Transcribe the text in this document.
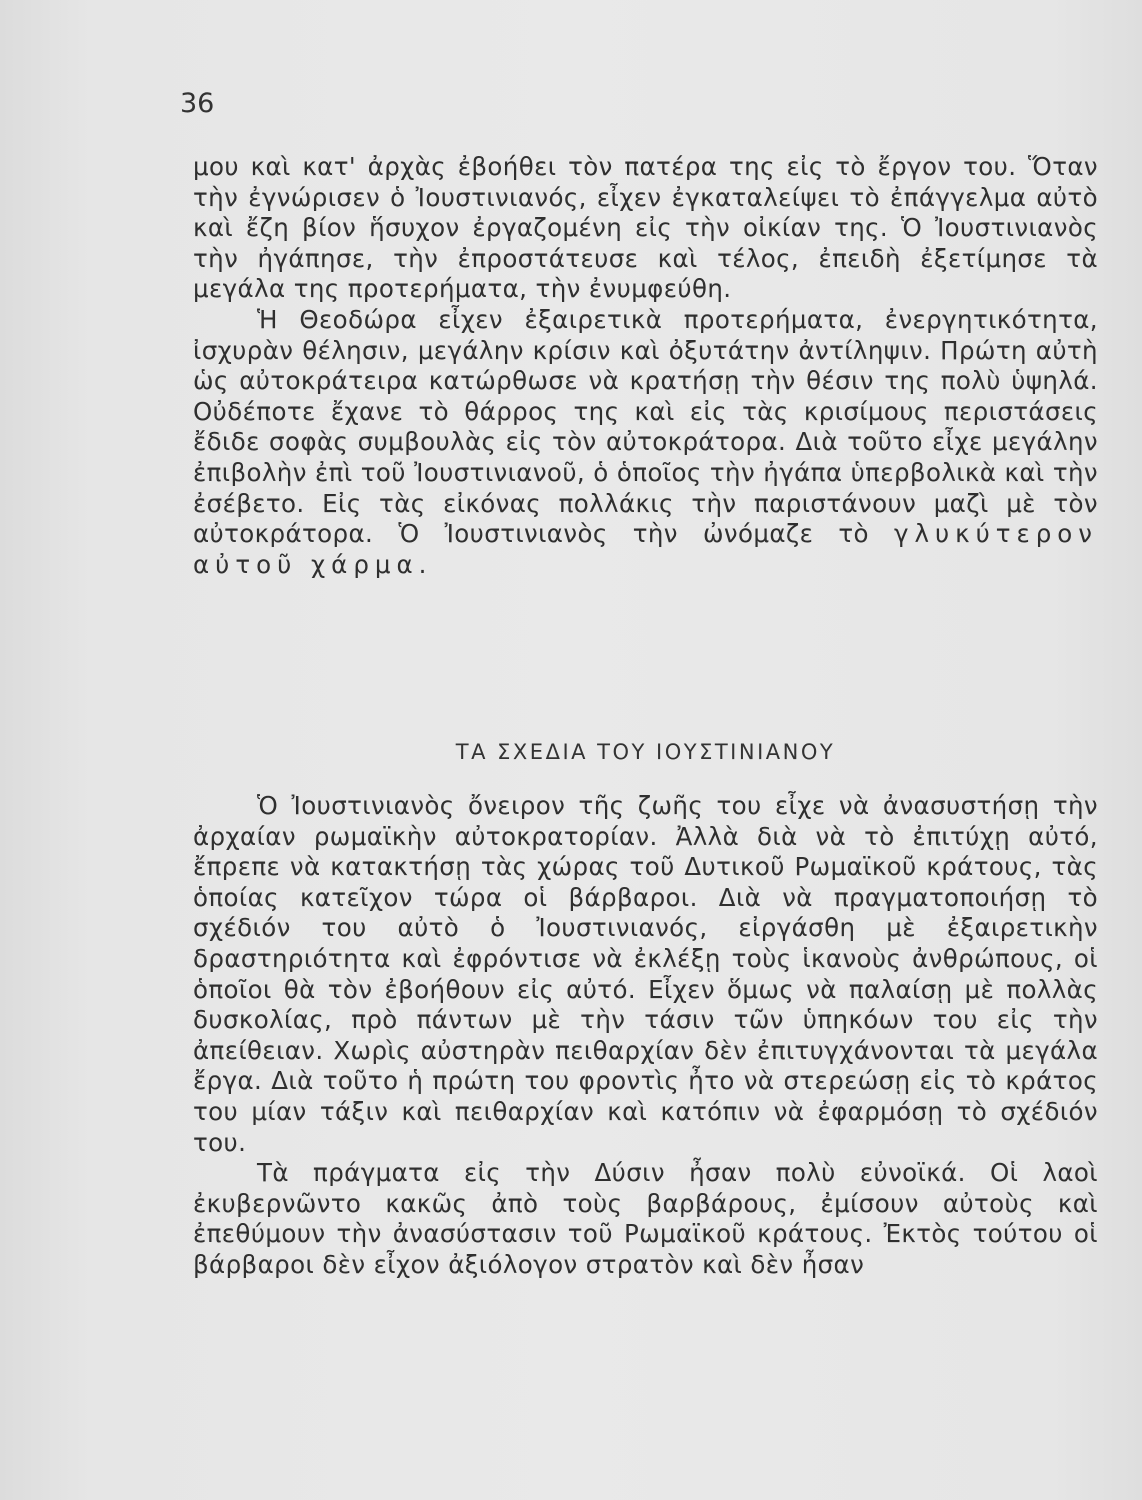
36

μου καὶ κατ' ἀρχὰς ἐβοήθει τὸν πατέρα της εἰς τὸ ἔργον του. Ὅταν τὴν ἐγνώρισεν ὁ Ἰουστινιανός, εἶχεν ἐγκαταλείψει τὸ ἐπάγγελμα αὐτὸ καὶ ἔζη βίον ἥσυχον ἐργαζομένη εἰς τὴν οἰκίαν της. Ὁ Ἰουστινιανὸς τὴν ἠγάπησε, τὴν ἐπροστάτευσε καὶ τέλος, ἐπειδὴ ἐξετίμησε τὰ μεγάλα της προτερήματα, τὴν ἐνυμφεύθη.

Ἡ Θεοδώρα εἶχεν ἐξαιρετικὰ προτερήματα, ἐνεργητικότητα, ἰσχυρὰν θέλησιν, μεγάλην κρίσιν καὶ ὀξυτάτην ἀντίληψιν. Πρώτη αὐτὴ ὡς αὐτοκράτειρα κατώρθωσε νὰ κρατήσῃ τὴν θέσιν της πολὺ ὑψηλά. Οὐδέποτε ἔχανε τὸ θάρρος της καὶ εἰς τὰς κρισίμους περιστάσεις ἔδιδε σοφὰς συμβουλὰς εἰς τὸν αὐτοκράτορα. Διὰ τοῦτο εἶχε μεγάλην ἐπιβολὴν ἐπὶ τοῦ Ἰουστινιανοῦ, ὁ ὁποῖος τὴν ἠγάπα ὑπερβολικὰ καὶ τὴν ἐσέβετο. Εἰς τὰς εἰκόνας πολλάκις τὴν παριστάνουν μαζὶ μὲ τὸν αὐτοκράτορα. Ὁ Ἰουστινιανὸς τὴν ὠνόμαζε τὸ γλυκύτερον αὐτοῦ χάρμα.

ΤΑ ΣΧΕΔΙΑ ΤΟΥ ΙΟΥΣΤΙΝΙΑΝΟΥ

Ὁ Ἰουστινιανὸς ὄνειρον τῆς ζωῆς του εἶχε νὰ ἀνασυστήσῃ τὴν ἀρχαίαν ρωμαϊκὴν αὐτοκρατορίαν. Ἀλλὰ διὰ νὰ τὸ ἐπιτύχῃ αὐτό, ἔπρεπε νὰ κατακτήσῃ τὰς χώρας τοῦ Δυτικοῦ Ρωμαϊκοῦ κράτους, τὰς ὁποίας κατεῖχον τώρα οἱ βάρβαροι. Διὰ νὰ πραγματοποιήσῃ τὸ σχέδιόν του αὐτὸ ὁ Ἰουστινιανός, εἰργάσθη μὲ ἐξαιρετικὴν δραστηριότητα καὶ ἐφρόντισε νὰ ἐκλέξῃ τοὺς ἱκανοὺς ἀνθρώπους, οἱ ὁποῖοι θὰ τὸν ἐβοήθουν εἰς αὐτό. Εἶχεν ὅμως νὰ παλαίσῃ μὲ πολλὰς δυσκολίας, πρὸ πάντων μὲ τὴν τάσιν τῶν ὑπηκόων του εἰς τὴν ἀπείθειαν. Χωρὶς αὐστηρὰν πειθαρχίαν δὲν ἐπιτυγχάνονται τὰ μεγάλα ἔργα. Διὰ τοῦτο ἡ πρώτη του φροντὶς ἦτο νὰ στερεώσῃ εἰς τὸ κράτος του μίαν τάξιν καὶ πειθαρχίαν καὶ κατόπιν νὰ ἐφαρμόσῃ τὸ σχέδιόν του.

Τὰ πράγματα εἰς τὴν Δύσιν ἦσαν πολὺ εὐνοϊκά. Οἱ λαοὶ ἐκυβερνῶντο κακῶς ἀπὸ τοὺς βαρβάρους, ἐμίσουν αὐτοὺς καὶ ἐπεθύμουν τὴν ἀνασύστασιν τοῦ Ρωμαϊκοῦ κράτους. Ἐκτὸς τούτου οἱ βάρβαροι δὲν εἶχον ἀξιόλογον στρατὸν καὶ δὲν ἦσαν
